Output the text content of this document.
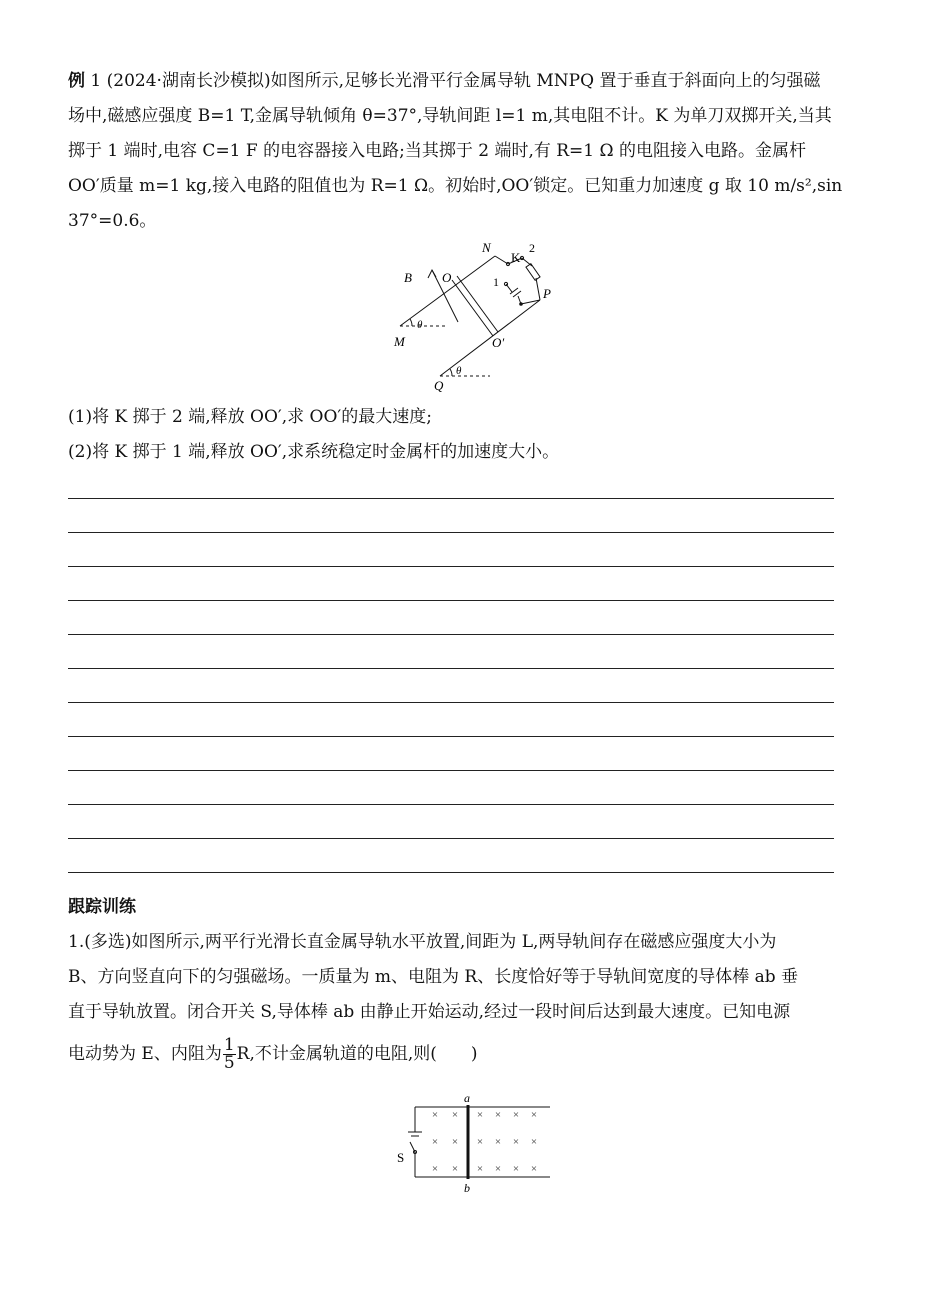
例 1 (2024·湖南长沙模拟)如图所示,足够长光滑平行金属导轨 MNPQ 置于垂直于斜面向上的匀强磁

场中,磁感应强度 B=1 T,金属导轨倾角 θ=37°,导轨间距 l=1 m,其电阻不计。K 为单刀双掷开关,当其

掷于 1 端时,电容 C=1 F 的电容器接入电路;当其掷于 2 端时,有 R=1 Ω 的电阻接入电路。金属杆

OO′质量 m=1 kg,接入电路的阻值也为 R=1 Ω。初始时,OO′锁定。已知重力加速度 g 取 10 m/s²,sin

37°=0.6。

N
K
2
1
P
B O
M
θ
O′
Q
θ

(1)将 K 掷于 2 端,释放 OO′,求 OO′的最大速度;

(2)将 K 掷于 1 端,释放 OO′,求系统稳定时金属杆的加速度大小。

跟踪训练

1.(多选)如图所示,两平行光滑长直金属导轨水平放置,间距为 L,两导轨间存在磁感应强度大小为

B、方向竖直向下的匀强磁场。一质量为 m、电阻为 R、长度恰好等于导轨间宽度的导体棒 ab 垂

直于导轨放置。闭合开关 S,导体棒 ab 由静止开始运动,经过一段时间后达到最大速度。已知电源

电动势为 E、内阻为 $\frac{1}{5} R$,不计金属轨道的电阻,则(　　)

× × × × × ×
× × × × × ×
× × × × × ×
a
b
S
